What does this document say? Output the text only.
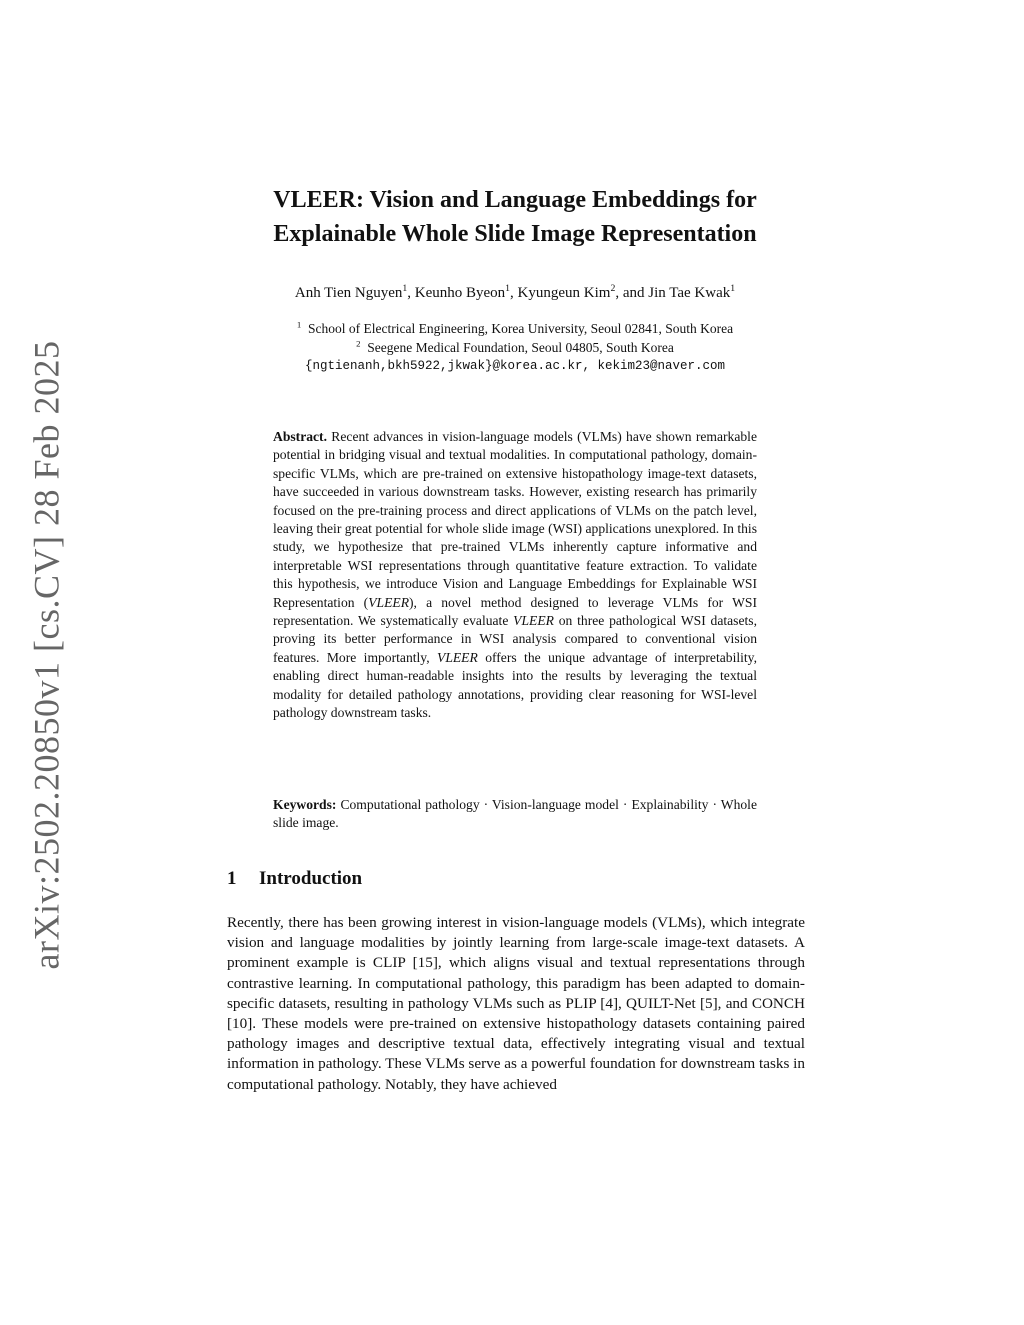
arXiv:2502.20850v1 [cs.CV] 28 Feb 2025
VLEER: Vision and Language Embeddings for
Explainable Whole Slide Image Representation
Anh Tien Nguyen$^1$, Keunho Byeon$^1$, Kyungeun Kim$^2$, and Jin Tae Kwak$^1$
$^1$ School of Electrical Engineering, Korea University, Seoul 02841, South Korea
$^2$ Seegene Medical Foundation, Seoul 04805, South Korea
{ngtienanh,bkh5922,jkwak}@korea.ac.kr, kekim23@naver.com
Abstract. Recent advances in vision-language models (VLMs) have shown remarkable potential in bridging visual and textual modalities. In computational pathology, domain-specific VLMs, which are pre-trained on extensive histopathology image-text datasets, have succeeded in various downstream tasks. However, existing research has primarily focused on the pre-training process and direct applications of VLMs on the patch level, leaving their great potential for whole slide image (WSI) applications unexplored. In this study, we hypothesize that pre-trained VLMs inherently capture informative and interpretable WSI representations through quantitative feature extraction. To validate this hypothesis, we introduce Vision and Language Embeddings for Explainable WSI Representation (VLEER), a novel method designed to leverage VLMs for WSI representation. We systematically evaluate VLEER on three pathological WSI datasets, proving its better performance in WSI analysis compared to conventional vision features. More importantly, VLEER offers the unique advantage of interpretability, enabling direct human-readable insights into the results by leveraging the textual modality for detailed pathology annotations, providing clear reasoning for WSI-level pathology downstream tasks.
Keywords: Computational pathology · Vision-language model · Explainability · Whole slide image.
1 Introduction
Recently, there has been growing interest in vision-language models (VLMs), which integrate vision and language modalities by jointly learning from large-scale image-text datasets. A prominent example is CLIP [15], which aligns visual and textual representations through contrastive learning. In computational pathology, this paradigm has been adapted to domain-specific datasets, resulting in pathology VLMs such as PLIP [4], QUILT-Net [5], and CONCH [10]. These models were pre-trained on extensive histopathology datasets containing paired pathology images and descriptive textual data, effectively integrating visual and textual information in pathology. These VLMs serve as a powerful foundation for downstream tasks in computational pathology. Notably, they have achieved
